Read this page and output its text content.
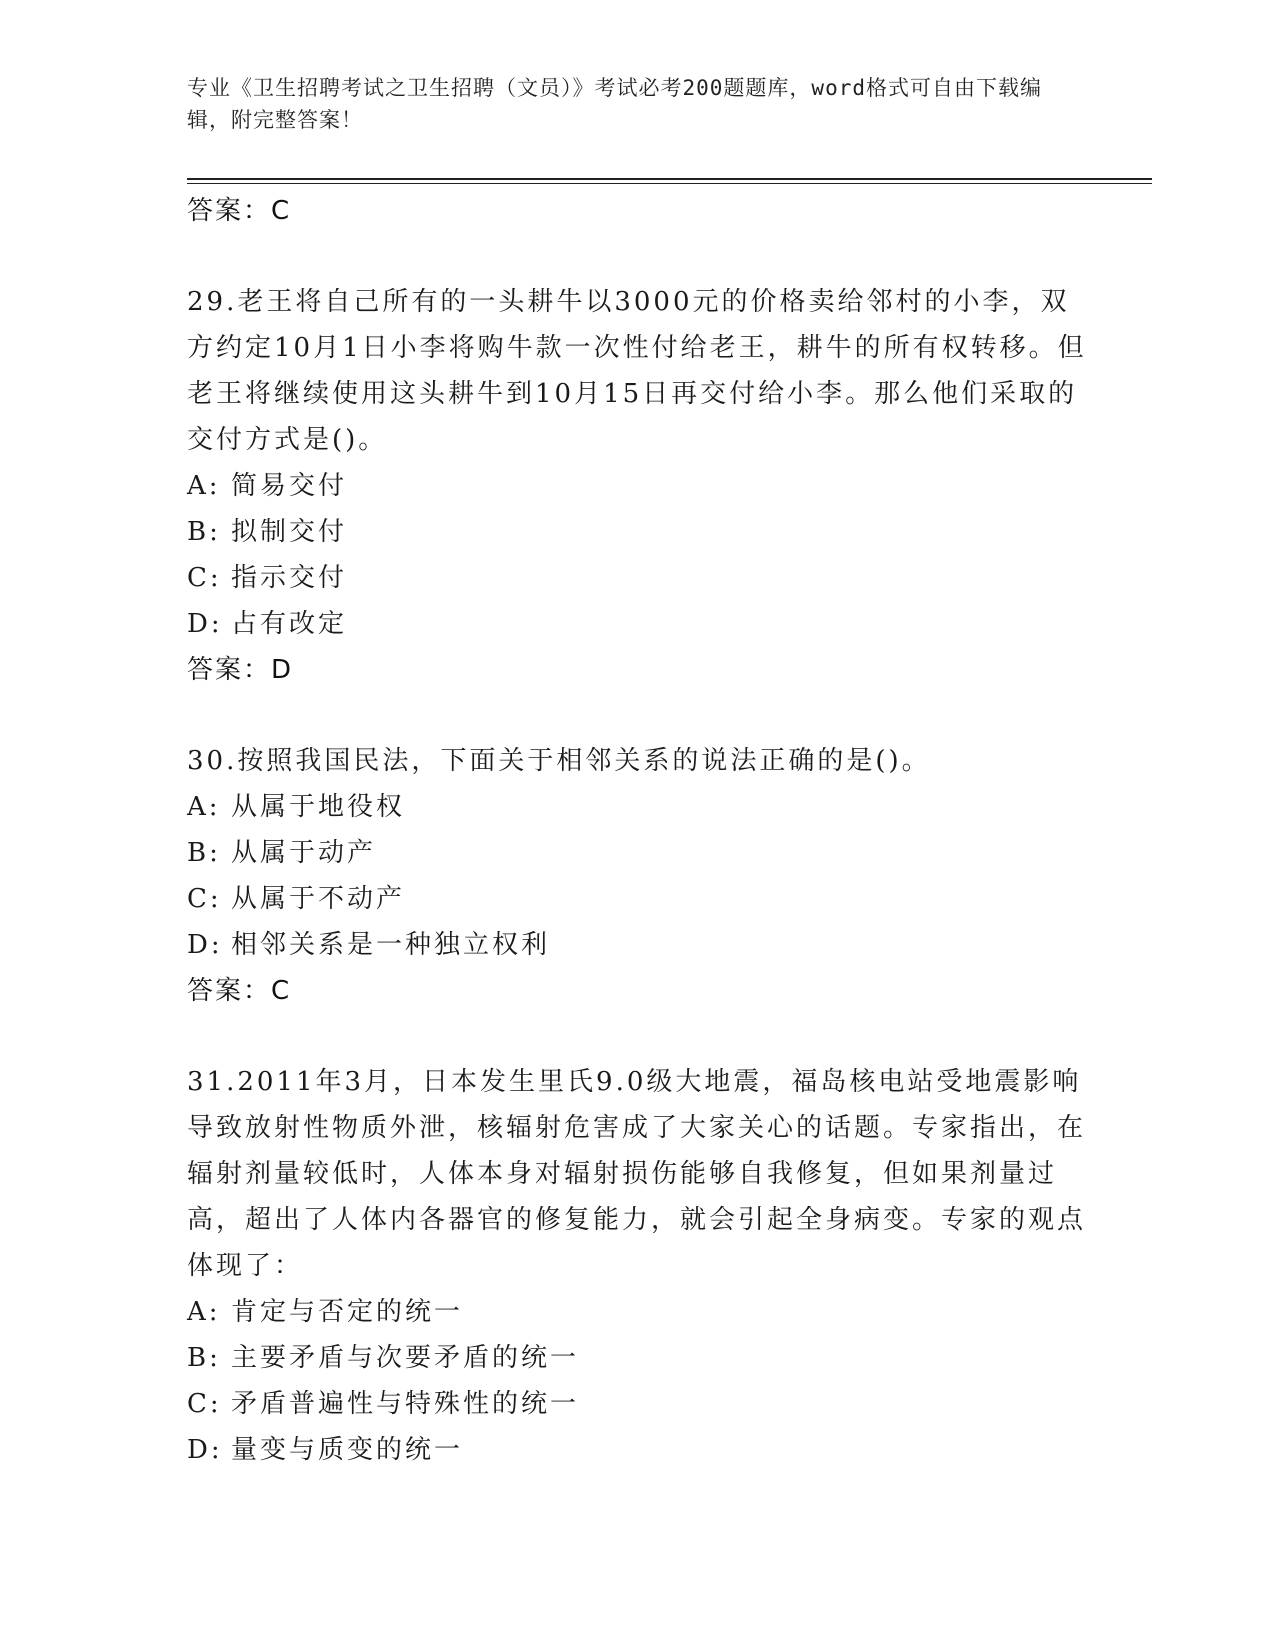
专业《卫生招聘考试之卫生招聘（文员）》考试必考200题题库，word格式可自由下载编辑，附完整答案！
答案：C
29.老王将自己所有的一头耕牛以3000元的价格卖给邻村的小李，双方约定10月1日小李将购牛款一次性付给老王，耕牛的所有权转移。但老王将继续使用这头耕牛到10月15日再交付给小李。那么他们采取的交付方式是()。
A: 简易交付
B: 拟制交付
C: 指示交付
D: 占有改定
答案：D
30.按照我国民法，下面关于相邻关系的说法正确的是()。
A: 从属于地役权
B: 从属于动产
C: 从属于不动产
D: 相邻关系是一种独立权利
答案：C
31.2011年3月，日本发生里氏9.0级大地震，福岛核电站受地震影响导致放射性物质外泄，核辐射危害成了大家关心的话题。专家指出，在辐射剂量较低时，人体本身对辐射损伤能够自我修复，但如果剂量过高，超出了人体内各器官的修复能力，就会引起全身病变。专家的观点体现了：
A: 肯定与否定的统一
B: 主要矛盾与次要矛盾的统一
C: 矛盾普遍性与特殊性的统一
D: 量变与质变的统一
